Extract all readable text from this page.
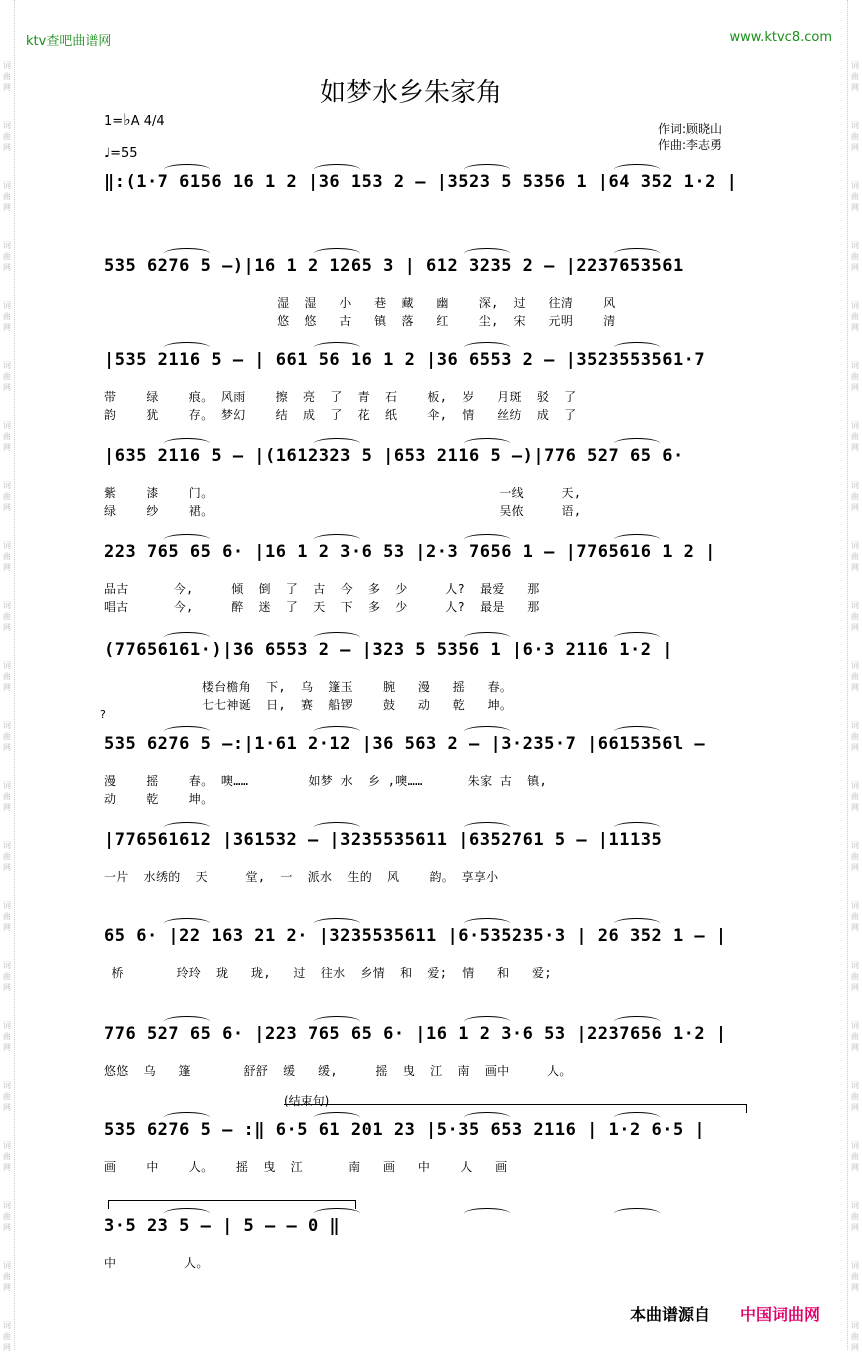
词
曲
网
词
曲
网
词
曲
网
词
曲
网
词
曲
网
词
曲
网
词
曲
网
词
曲
网
词
曲
网
词
曲
网
词
曲
网
词
曲
网
词
曲
网
词
曲
网
词
曲
网
词
曲
网
词
曲
网
词
曲
网
词
曲
网
词
曲
网
词
曲
网
词
曲
网
词
曲
网
词
曲
网
词
曲
网
词
曲
网
词
曲
网
词
曲
网
词
曲
网
词
曲
网
词
曲
网
词
曲
网
词
曲
网
词
曲
网
词
曲
网
词
曲
网
词
曲
网
词
曲
网
词
曲
网
词
曲
网
词
曲
网
词
曲
网
词
曲
网
词
曲
网
ktv查吧曲谱网	www.ktvc8.com
如梦水乡朱家角
1=♭A 4/4
♩=55
作词:顾晓山
作曲:李志勇
?
(结束句)
‖:(1·7 6156 16 1 2 |36 153 2 – |3523 5 5356 1 |64 352 1·2 |
535 6276 5 –)|16 1 2 1265 3 | 612 3235 2 – |2237653561
湿  湿   小   巷  藏   幽    深,  过   往清    风
悠  悠   古   镇  落   红    尘,  宋   元明    清
|535 2116 5 – | 661 56 16 1 2 |36 6553 2 – |3523553561·7
带    绿    痕。 风雨    擦  亮  了  青  石    板,  岁   月斑  驳  了
韵    犹    存。 梦幻    结  成  了  花  纸    伞,  情   丝纺  成  了
|635 2116 5 – |(1612323 5 |653 2116 5 –)|776 527 65 6·
紫    漆    门。                                      一线     天,
绿    纱    裙。                                      吴侬     语,
223 765 65 6· |16 1 2 3·6 53 |2·3 7656 1 – |7765616 1 2 |
品古      今,     倾  倒  了  古  今  多  少     人?  最爱   那
唱古      今,     醉  迷  了  天  下  多  少     人?  最是   那
(77656161·)|36 6553 2 – |323 5 5356 1 |6·3 2116 1·2 |
楼台檐角  下,  乌  篷玉    腕   漫   摇   春。
七七神诞  日,  赛  船锣    鼓   动   乾   坤。
535 6276 5 –:|1·61 2·12 |36 563 2 – |3·235·7 |6615356l –
漫    摇    春。 噢……        如梦 水  乡 ,噢……      朱家 古  镇,
动    乾    坤。
|776561612 |361532 – |3235535611 |6352761 5 – |11135
一片  水绣的  天     堂,  一  派水  生的  风    韵。 享享小
65 6· |22 163 21 2· |3235535611 |6·535235·3 | 26 352 1 – |
桥       玲玲  珑   珑,   过  往水  乡情  和  爱;  情   和   爱;
776 527 65 6· |223 765 65 6· |16 1 2 3·6 53 |2237656 1·2 |
悠悠  乌   篷       舒舒  缓   缓,     摇  曳  江  南  画中     人。
535 6276 5 – :‖ 6·5 61 201 23 |5·35 653 2116 | 1·2 6·5 |
画    中    人。   摇  曳  江      南   画   中    人   画
3·5 23 5 – | 5 – – 0 ‖
中         人。
本曲谱源自 中国词曲网
